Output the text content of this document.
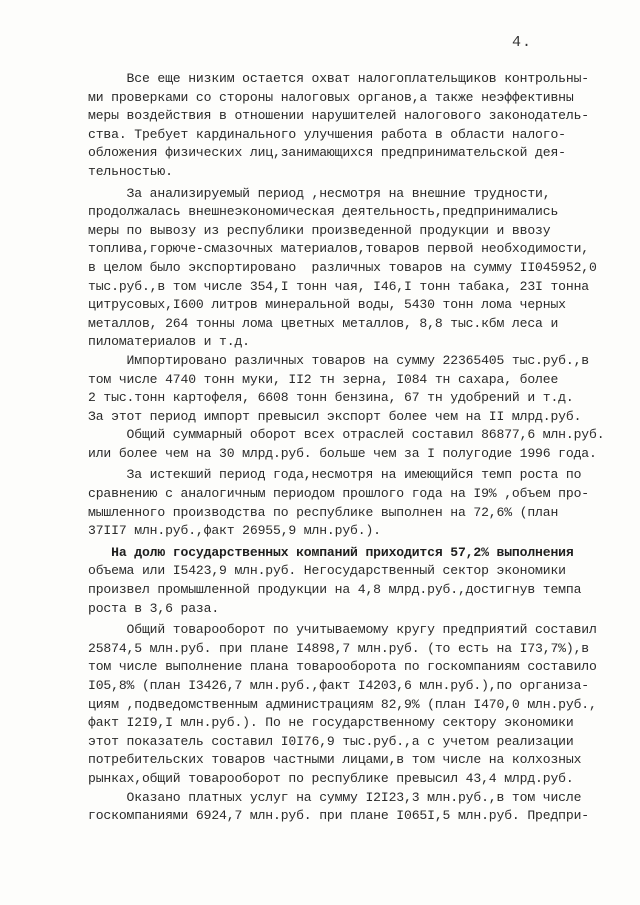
4.
Все еще низким остается охват налогоплательщиков контрольны-
ми проверками со стороны налоговых органов,а также неэффективны
меры воздействия в отношении нарушителей налогового законодатель-
ства. Требует кардинального улучшения работа в области налого-
обложения физических лиц,занимающихся предпринимательской дея-
тельностью.
За анализируемый период ,несмотря на внешние трудности,
продолжалась внешнеэкономическая деятельность,предпринимались
меры по вывозу из республики произведенной продукции и ввозу
топлива,горюче-смазочных материалов,товаров первой необходимости,
в целом было экспортировано  различных товаров на сумму II045952,0
тыс.руб.,в том числе 354,I тонн чая, I46,I тонн табака, 23I тонна
цитрусовых,I600 литров минеральной воды, 5430 тонн лома черных
металлов, 264 тонны лома цветных металлов, 8,8 тыс.кбм леса и
пиломатериалов и т.д.
Импортировано различных товаров на сумму 22365405 тыс.руб.,в
том числе 4740 тонн муки, II2 тн зерна, I084 тн сахара, более
2 тыс.тонн картофеля, 6608 тонн бензина, 67 тн удобрений и т.д.
За этот период импорт превысил экспорт более чем на II млрд.руб.
Общий суммарный оборот всех отраслей составил 86877,6 млн.руб.
или более чем на 30 млрд.руб. больше чем за I полугодие 1996 года.
За истекший период года,несмотря на имеющийся темп роста по
сравнению с аналогичным периодом прошлого года на I9% ,объем про-
мышленного производства по республике выполнен на 72,6% (план
37II7 млн.руб.,факт 26955,9 млн.руб.).
На долю государственных компаний приходится 57,2% выполнения
объема или I5423,9 млн.руб. Негосударственный сектор экономики
произвел промышленной продукции на 4,8 млрд.руб.,достигнув темпа
роста в 3,6 раза.
Общий товарооборот по учитываемому кругу предприятий составил
25874,5 млн.руб. при плане I4898,7 млн.руб. (то есть на I73,7%),в
том числе выполнение плана товарооборота по госкомпаниям составило
I05,8% (план I3426,7 млн.руб.,факт I4203,6 млн.руб.),по организа-
циям ,подведомственным администрациям 82,9% (план I470,0 млн.руб.,
факт I2I9,I млн.руб.). По не государственному сектору экономики
этот показатель составил I0I76,9 тыс.руб.,а с учетом реализации
потребительских товаров частными лицами,в том числе на колхозных
рынках,общий товарооборот по республике превысил 43,4 млрд.руб.
Оказано платных услуг на сумму I2I23,3 млн.руб.,в том числе
госкомпаниями 6924,7 млн.руб. при плане I065I,5 млн.руб. Предпри-
